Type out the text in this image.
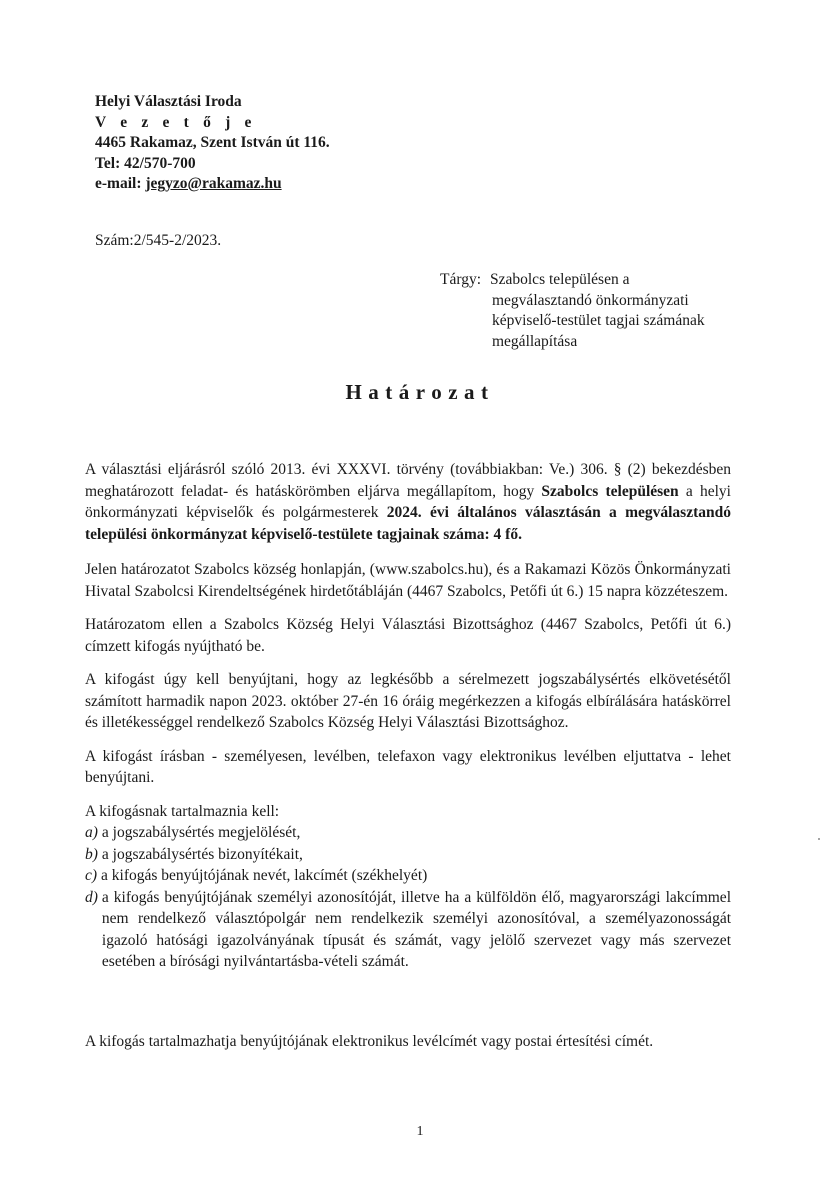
Helyi Választási Iroda
V e z e t ő j e
4465 Rakamaz, Szent István út 116.
Tel: 42/570-700
e-mail: jegyzo@rakamaz.hu
Szám:2/545-2/2023.
Tárgy: Szabolcs településen a
megválasztandó önkormányzati
képviselő-testület tagjai számának
megállapítása
Határozat

A választási eljárásról szóló 2013. évi XXXVI. törvény (továbbiakban: Ve.) 306. § (2) bekezdésben meghatározott feladat- és hatáskörömben eljárva megállapítom, hogy Szabolcs településen a helyi önkormányzati képviselők és polgármesterek 2024. évi általános választásán a megválasztandó települési önkormányzat képviselő-testülete tagjainak száma: 4 fő.

Jelen határozatot Szabolcs község honlapján, (www.szabolcs.hu), és a Rakamazi Közös Önkormányzati Hivatal Szabolcsi Kirendeltségének hirdetőtábláján (4467 Szabolcs, Petőfi út 6.) 15 napra közzéteszem.

Határozatom ellen a Szabolcs Község Helyi Választási Bizottsághoz (4467 Szabolcs, Petőfi út 6.) címzett kifogás nyújtható be.

A kifogást úgy kell benyújtani, hogy az legkésőbb a sérelmezett jogszabálysértés elkövetésétől számított harmadik napon 2023. október 27-én 16 óráig megérkezzen a kifogás elbírálására hatáskörrel és illetékességgel rendelkező Szabolcs Község Helyi Választási Bizottsághoz.

A kifogást írásban - személyesen, levélben, telefaxon vagy elektronikus levélben eljuttatva - lehet benyújtani.

A kifogásnak tartalmaznia kell:
a) a jogszabálysértés megjelölését,
b) a jogszabálysértés bizonyítékait,
c) a kifogás benyújtójának nevét, lakcímét (székhelyét)
d) a kifogás benyújtójának személyi azonosítóját, illetve ha a külföldön élő, magyarországi lakcímmel nem rendelkező választópolgár nem rendelkezik személyi azonosítóval, a személyazonosságát igazoló hatósági igazolványának típusát és számát, vagy jelölő szervezet vagy más szervezet esetében a bírósági nyilvántartásba-vételi számát.
A kifogás tartalmazhatja benyújtójának elektronikus levélcímét vagy postai értesítési címét.
1
